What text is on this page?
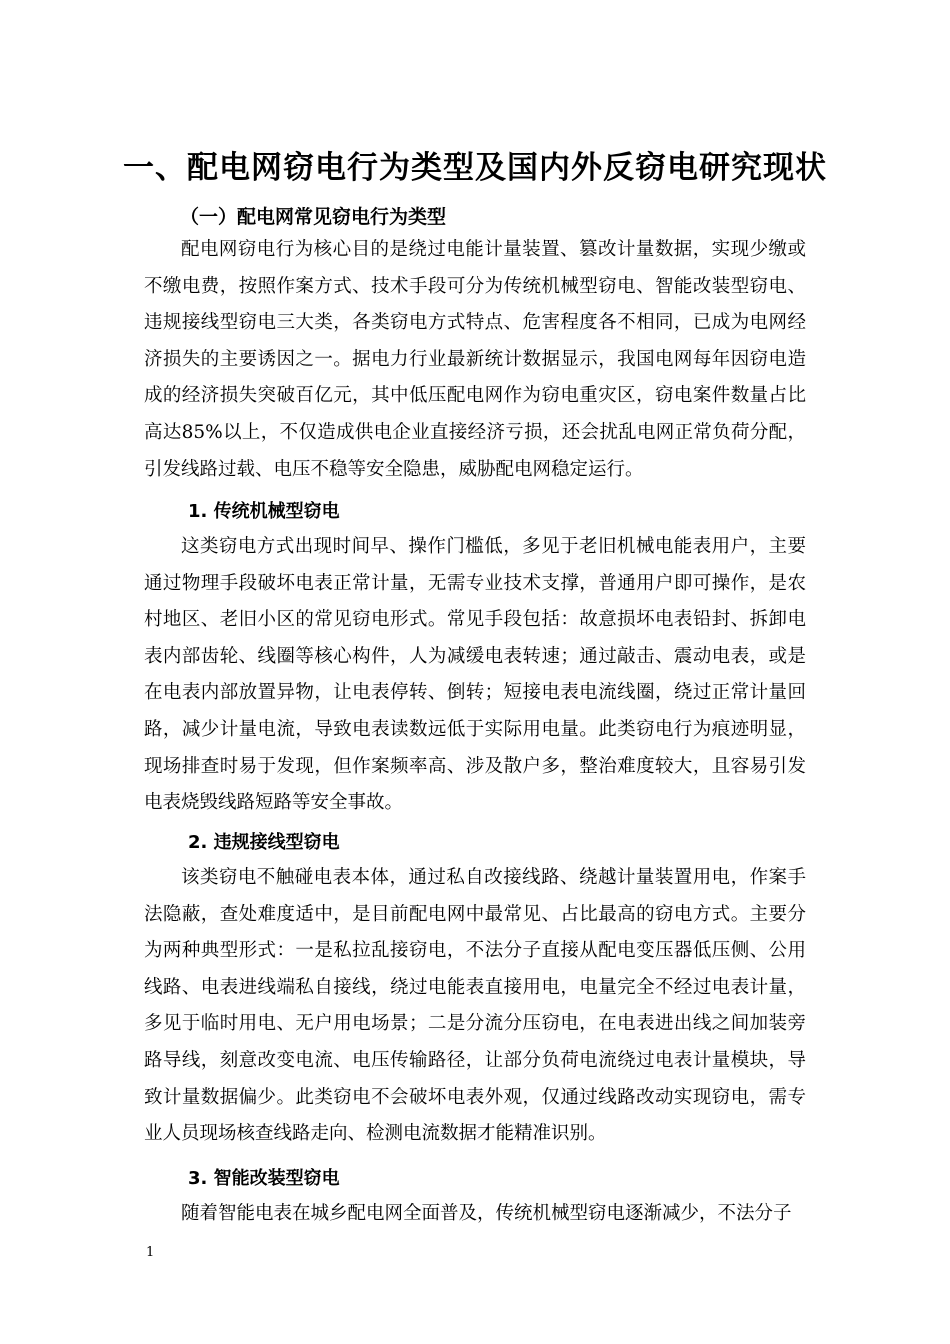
一、配电网窃电行为类型及国内外反窃电研究现状
（一）配电网常见窃电行为类型

配电网窃电行为核心目的是绕过电能计量装置、篡改计量数据，实现少缴或不缴电费，按照作案方式、技术手段可分为传统机械型窃电、智能改装型窃电、违规接线型窃电三大类，各类窃电方式特点、危害程度各不相同，已成为电网经济损失的主要诱因之一。据电力行业最新统计数据显示，我国电网每年因窃电造成的经济损失突破百亿元，其中低压配电网作为窃电重灾区，窃电案件数量占比高达85%以上，不仅造成供电企业直接经济亏损，还会扰乱电网正常负荷分配，引发线路过载、电压不稳等安全隐患，威胁配电网稳定运行。

1. 传统机械型窃电

这类窃电方式出现时间早、操作门槛低，多见于老旧机械电能表用户，主要通过物理手段破坏电表正常计量，无需专业技术支撑，普通用户即可操作，是农村地区、老旧小区的常见窃电形式。常见手段包括：故意损坏电表铅封、拆卸电表内部齿轮、线圈等核心构件，人为减缓电表转速；通过敲击、震动电表，或是在电表内部放置异物，让电表停转、倒转；短接电表电流线圈，绕过正常计量回路，减少计量电流，导致电表读数远低于实际用电量。此类窃电行为痕迹明显，现场排查时易于发现，但作案频率高、涉及散户多，整治难度较大，且容易引发电表烧毁线路短路等安全事故。

2. 违规接线型窃电

该类窃电不触碰电表本体，通过私自改接线路、绕越计量装置用电，作案手法隐蔽，查处难度适中，是目前配电网中最常见、占比最高的窃电方式。主要分为两种典型形式：一是私拉乱接窃电，不法分子直接从配电变压器低压侧、公用线路、电表进线端私自接线，绕过电能表直接用电，电量完全不经过电表计量，多见于临时用电、无户用电场景；二是分流分压窃电，在电表进出线之间加装旁路导线，刻意改变电流、电压传输路径，让部分负荷电流绕过电表计量模块，导致计量数据偏少。此类窃电不会破坏电表外观，仅通过线路改动实现窃电，需专业人员现场核查线路走向、检测电流数据才能精准识别。

3. 智能改装型窃电

随着智能电表在城乡配电网全面普及，传统机械型窃电逐渐减少，不法分子

1
